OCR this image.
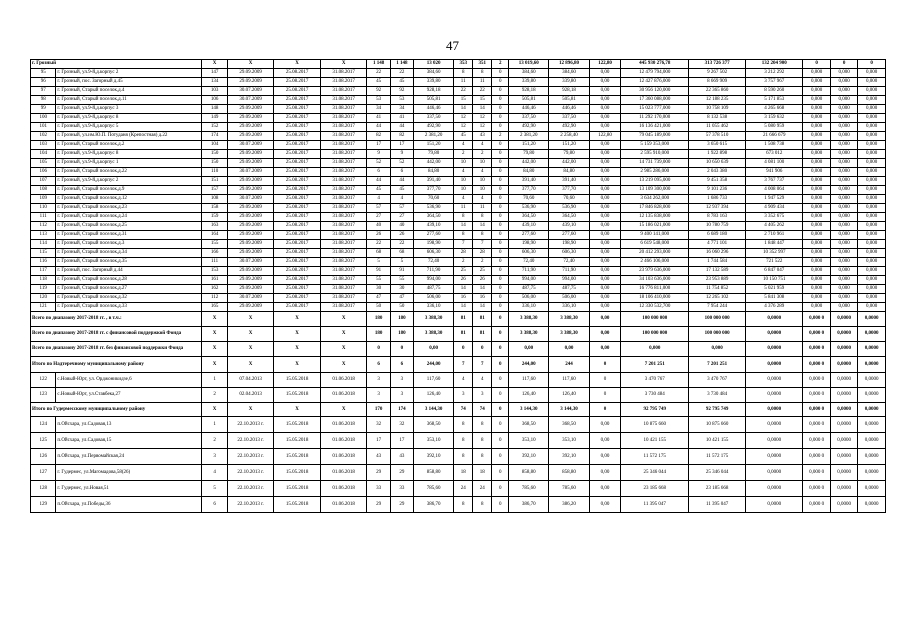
47
г. Грозный		X	X	X	X	1 148	1 148	13 020	353	351	2	13 019,60	12 896,80	122,80	445 930 276,78	313 726 377	132 204 900	0	0	0
95	г. Грозный, ул.9-й,д.корпус 2	147	29.09.2009	25.08.2017	31.08.2017	22	22	384,60	8	8	0	384,60	384,60	0,00	12 479 794,000	9 267 502	3 212 292	0,000	0,000	0,000
96	г. Грозный, пос. Загорный д.45	134	29.09.2009	25.08.2017	31.08.2017	45	45	339,80	11	11	0	339,80	339,80	0,00	12 427 876,000	8 669 909	3 757 967	0,000	0,000	0,000
97	г. Грозный, Старый поселок,д.4	103	30.07.2009	25.08.2017	31.08.2017	92	92	928,18	22	22	0	928,18	928,18	0,00	30 956 120,000	22 365 860	8 590 260	0,000	0,000	0,000
98	г. Грозный, Старый поселок,д.11	106	30.07.2009	25.08.2017	31.08.2017	53	53	505,81	15	15	0	505,81	505,81	0,00	17 360 088,000	12 188 235	5 171 853	0,000	0,000	0,000
99	г. Грозный, ул.9-й,д.корпус 3	148	29.09.2009	25.08.2017	31.08.2017	34	34	446,46	14	14	0	446,46	446,46	0,00	15 023 777,000	10 758 109	4 265 668	0,000	0,000	0,000
100	г. Грозный, ул.9-й,д.корпус 8	149	29.09.2009	25.08.2017	31.08.2017	41	41	337,50	12	12	0	337,50	337,50	0,00	11 292 170,000	8 132 538	3 159 632	0,000	0,000	0,000
101	г. Грозный, ул.9-й,д.корпус 5	152	29.09.2009	25.08.2017	31.08.2017	44	44	492,90	12	12	0	492,90	492,90	0,00	16 136 421,000	11 055 462	5 080 959	0,000	0,000	0,000
102	г. Грозный, ул.им.Ю.П. Потуданя (Крепостная) д.22	174	29.09.2009	25.08.2017	31.08.2017	82	82	2 381,20	45	43	2	2 381,20	2 258,40	122,80	79 045 189,000	57 378 510	21 666 679	0,000	0,000	0,000
103	г. Грозный, Старый поселок,д.2	104	30.07.2009	25.08.2017	31.08.2017	17	17	151,20	4	4	0	151,20	151,20	0,00	5 159 353,000	3 650 615	1 508 738	0,000	0,000	0,000
104	г. Грозный, ул.9-й,д.корпус 8	150	29.09.2009	25.08.2017	31.08.2017	9	9	79,80	2	2	0	79,80	79,80	0,00	2 595 910,000	1 922 898	673 012	0,000	0,000	0,000
105	г. Грозный, ул.9-й,д.корпус 1	150	29.09.2009	25.08.2017	31.08.2017	52	52	442,00	10	10	0	442,00	442,00	0,00	14 731 739,000	10 650 639	4 081 100	0,000	0,000	0,000
106	г. Грозный, Старый поселок,д.22	110	30.07.2009	25.08.2017	31.08.2017	6	6	84,80	4	4	0	84,80	84,80	0,00	2 985 286,000	2 043 380	941 906	0,000	0,000	0,000
107	г. Грозный, ул.9-й,д.корпус 2	151	29.09.2009	25.08.2017	31.08.2017	44	44	391,40	10	10	0	391,40	391,40	0,00	13 219 095,000	9 451 358	3 767 737	0,000	0,000	0,000
108	г. Грозный, Старый поселок,д.9	157	29.09.2009	25.08.2017	31.08.2017	45	45	377,70	10	10	0	377,70	377,70	0,00	13 109 300,000	9 101 236	4 008 064	0,000	0,000	0,000
109	г. Грозный, Старый поселок,д.12	108	30.07.2009	25.08.2017	31.08.2017	4	4	70,60	4	4	0	70,60	70,60	0,00	3 634 262,000	1 686 733	1 947 529	0,000	0,000	0,000
110	г. Грозный, Старый поселок,д.23	158	29.09.2009	25.08.2017	31.08.2017	57	57	536,90	11	11	0	536,90	536,90	0,00	17 846 828,000	12 937 394	4 909 434	0,000	0,000	0,000
111	г. Грозный, Старый поселок,д.24	159	29.09.2009	25.08.2017	31.08.2017	27	27	364,50	8	8	0	364,50	364,50	0,00	12 135 838,000	8 783 163	3 352 675	0,000	0,000	0,000
112	г. Грозный, Старый поселок,д.25	163	29.09.2009	25.08.2017	31.08.2017	40	40	439,10	14	14	0	439,10	439,10	0,00	15 186 021,000	10 780 759	4 405 262	0,000	0,000	0,000
113	г. Грозный, Старый поселок,д.31	164	29.09.2009	25.08.2017	31.08.2017	26	26	277,60	8	8	0	277,60	277,60	0,00	9 400 141,000	6 689 180	2 710 961	0,000	0,000	0,000
114	г. Грозный, Старый поселок,д.3	155	29.09.2009	25.08.2017	31.08.2017	22	22	198,90	7	7	0	198,90	198,90	0,00	6 619 548,000	4 771 101	1 848 447	0,000	0,000	0,000
115	г. Грозный, Старый поселок,д.34	166	29.09.2009	25.08.2017	31.08.2017	68	68	606,30	28	28	0	606,30	606,30	0,00	20 412 293,000	16 060 296	10 352 997	0,000	0,000	0,000
116	г. Грозный, Старый поселок,д.35	111	30.07.2009	25.08.2017	31.08.2017	5	5	72,40	2	2	0	72,40	72,40	0,00	2 466 106,000	1 744 584	721 522	0,000	0,000	0,000
117	г. Грозный, пос. Загорный д.44	153	29.09.2009	25.08.2017	31.08.2017	91	91	711,90	25	25	0	711,90	711,90	0,00	23 979 636,000	17 132 589	6 847 047	0,000	0,000	0,000
118	г. Грозный, Старый поселок,д.28	161	29.09.2009	25.08.2017	31.08.2017	55	55	994,00	26	26	0	994,00	994,00	0,00	34 103 636,000	23 953 889	10 150 751	0,000	0,000	0,000
119	г. Грозный, Старый поселок,д.27	162	29.09.2009	25.08.2017	31.08.2017	30	30	487,75	14	14	0	487,75	487,75	0,00	16 776 811,000	11 754 852	5 021 959	0,000	0,000	0,000
120	г. Грозный, Старый поселок,д.32	112	30.07.2009	25.08.2017	31.08.2017	47	47	506,00	16	16	0	506,00	506,00	0,00	18 106 410,000	12 265 102	5 841 308	0,000	0,000	0,000
121	г. Грозный, Старый поселок,д.33	165	29.09.2009	25.08.2017	31.08.2017	50	50	336,10	14	14	0	336,10	336,10	0,00	12 330 532,700	7 954 244	4 376 289	0,000	0,000	0,000
Всего по диапазону 2017-2018 гг. , в т.ч.:		X	X	X	X	180	180	3 388,30	81	81	0	3 388,30	3 388,30	0,00	100 000 000	100 000 000	0,0000	0,000 0	0,0000	0,0000
Всего по диапазону 2017-2018 гг. с финансовой поддержкой Фонда		X	X	X	X	180	180	3 388,30	81	81	0	3 388,30	3 388,30	0,00	100 000 000	100 000 000	0,0000	0,000 0	0,0000	0,0000
Всего по диапазону 2017-2018 гг. без финансовой поддержки Фонда		X	X	X	X	0	0	0,00	0	0	0	0,00	0,00	0,00	0,000	0,000	0,0000	0,000 0	0,0000	0,0000
Итого по Надтеречному муниципальному району		X	X	X	X	6	6	244,00	7	7	0	244,00	244	0	7 201 251	7 201 251	0,0000	0,000 0	0,0000	0,0000
122	с.Новый-Юрт, ул. Орджоникидзе,6	1	07.04.2013	15.05.2018	01.06.2018	3	3	117,60	4	4	0	117,60	117,60	0	3 470 767	3 470 767	0,0000	0,000 0	0,0000	0,0000
123	с.Новый-Юрт, ул.Ставбека,27	2	02.04.2013	15.05.2018	01.06.2018	3	3	126,40	3	3	0	126,40	126,40	0	3 730 484	3 730 484	0,0000	0,000 0	0,0000	0,0000
Итого по Гудермесскому муниципальному району		X	X	X	X	170	174	3 144,30	74	74	0	3 144,30	3 144,30	0	92 795 749	92 795 749	0,0000	0,000 0	0,0000	0,0000
124	п.Ойсхара, ул.Садовая,13	1	22.10.2013 г.	15.05.2018	01.06.2018	32	32	368,50	8	8	0	368,50	368,50	0,00	10 875 660	10 875 660	0,0000	0,000 0	0,0000	0,0000
125	п.Ойсхара, ул.Садовая,15	2	22.10.2013 г.	15.05.2018	01.06.2018	17	17	353,10	8	8	0	353,10	353,10	0,00	10 421 155	10 421 155	0,0000	0,000 0	0,0000	0,0000
126	п.Ойсхара, ул.Первомайская,24	3	22.10.2013 г.	15.05.2018	01.06.2018	43	43	392,10	8	8	0	392,10	392,10	0,00	11 572 175	11 572 175	0,0000	0,000 0	0,0000	0,0000
127	г. Гудермес, ул.Магомадова,58(26)	4	22.10.2013 г.	15.05.2018	01.06.2018	29	29	858,80	18	18	0	858,80	858,80	0,00	25 346 044	25 346 044	0,0000	0,000 0	0,0000	0,0000
128	г. Гудермес, ул.Новая,51	5	22.10.2013 г.	15.05.2018	01.06.2018	33	33	785,60	24	24	0	785,60	785,60	0,00	23 185 668	23 185 668	0,0000	0,000 0	0,0000	0,0000
129	п.Ойсхара, ул.Победы,36	6	22.10.2013 г.	15.05.2018	01.06.2018	29	29	386,70	8	8	0	386,70	386,20	0,00	11 395 047	11 395 047	0,0000	0,000 0	0,0000	0,0000
